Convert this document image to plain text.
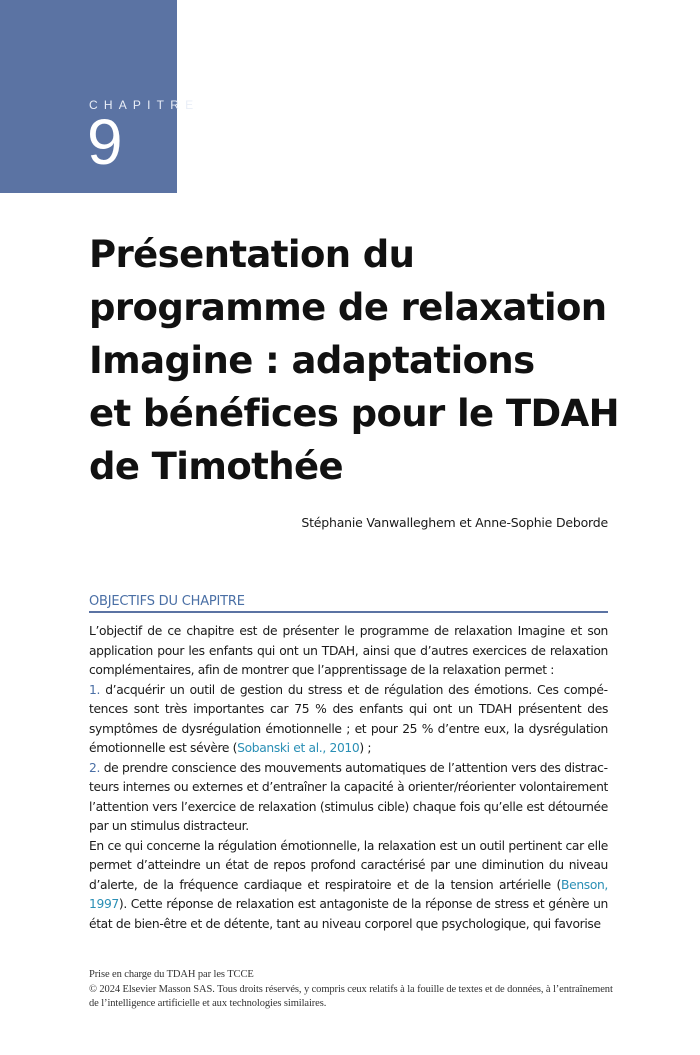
CHAPITRE
9
Présentation du
programme de relaxation
Imagine : adaptations
et bénéfices pour le TDAH
de Timothée
Stéphanie Vanwalleghem et Anne-Sophie Deborde
OBJECTIFS DU CHAPITRE

L’objectif de ce chapitre est de présenter le programme de relaxation Imagine et son application pour les enfants qui ont un TDAH, ainsi que d’autres exercices de relaxation complémentaires, afin de montrer que l’apprentissage de la relaxation permet :

1. d’acquérir un outil de gestion du stress et de régulation des émotions. Ces compétences sont très importantes car 75 % des enfants qui ont un TDAH présentent des symptômes de dysrégulation émotionnelle ; et pour 25 % d’entre eux, la dysrégulation émotionnelle est sévère (Sobanski et al., 2010) ;

2. de prendre conscience des mouvements automatiques de l’attention vers des distracteurs internes ou externes et d’entraîner la capacité à orienter/réorienter volontairement l’attention vers l’exercice de relaxation (stimulus cible) chaque fois qu’elle est détournée par un stimulus distracteur.

En ce qui concerne la régulation émotionnelle, la relaxation est un outil pertinent car elle permet d’atteindre un état de repos profond caractérisé par une diminution du niveau d’alerte, de la fréquence cardiaque et respiratoire et de la tension artérielle (Benson, 1997). Cette réponse de relaxation est antagoniste de la réponse de stress et génère un état de bien-être et de détente, tant au niveau corporel que psychologique, qui favorise

Prise en charge du TDAH par les TCCE
© 2024 Elsevier Masson SAS. Tous droits réservés, y compris ceux relatifs à la fouille de textes et de données, à l’entraînement
de l’intelligence artificielle et aux technologies similaires.
